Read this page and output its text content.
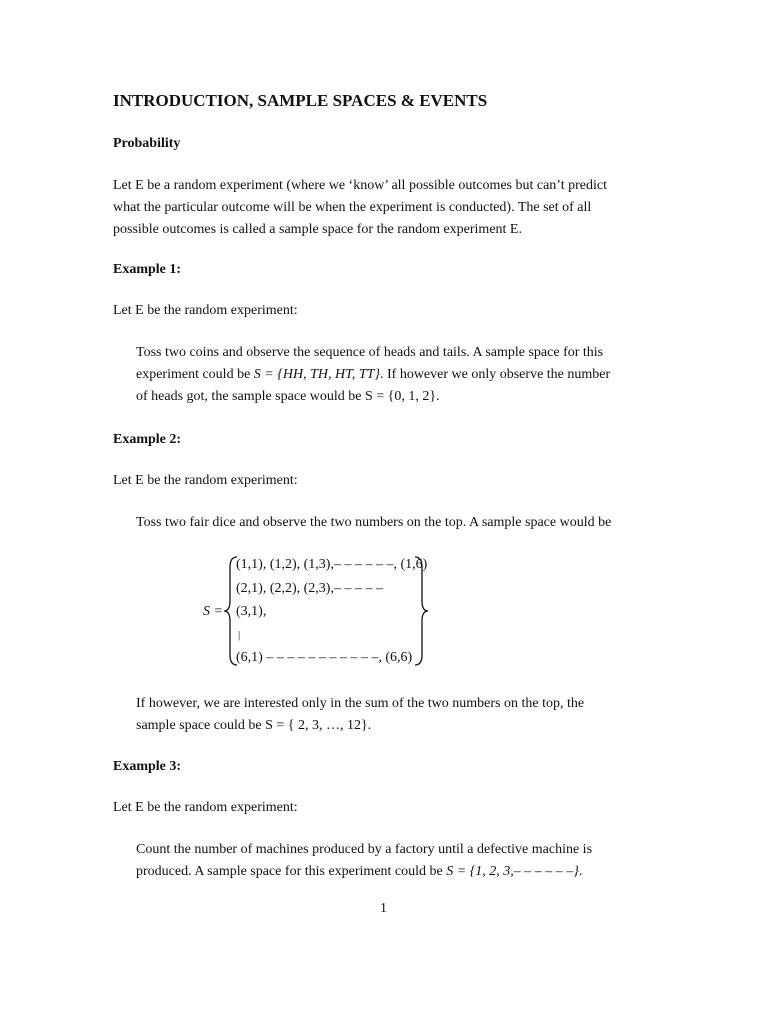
INTRODUCTION, SAMPLE SPACES & EVENTS
Probability
Let E be a random experiment (where we ‘know’ all possible outcomes but can’t predict
what the particular outcome will be when the experiment is conducted). The set of all
possible outcomes is called a sample space for the random experiment E.
Example 1:
Let E be the random experiment:
Toss two coins and observe the sequence of heads and tails. A sample space for this
experiment could be S = {HH, TH, HT, TT}. If however we only observe the number
of heads got, the sample space would be S = {0, 1, 2}.
Example 2:
Let E be the random experiment:
Toss two fair dice and observe the two numbers on the top. A sample space would be
S =
(1,1), (1,2), (1,3),– – – – – –, (1,6)
(2,1), (2,2), (2,3),– – – – –
(3,1),
|
(6,1) – – – – – – – – – – –, (6,6)
If however, we are interested only in the sum of the two numbers on the top, the
sample space could be S = { 2, 3, …, 12}.
Example 3:
Let E be the random experiment:
Count the number of machines produced by a factory until a defective machine is
produced. A sample space for this experiment could be S = {1, 2, 3,– – – – – –}.
1
